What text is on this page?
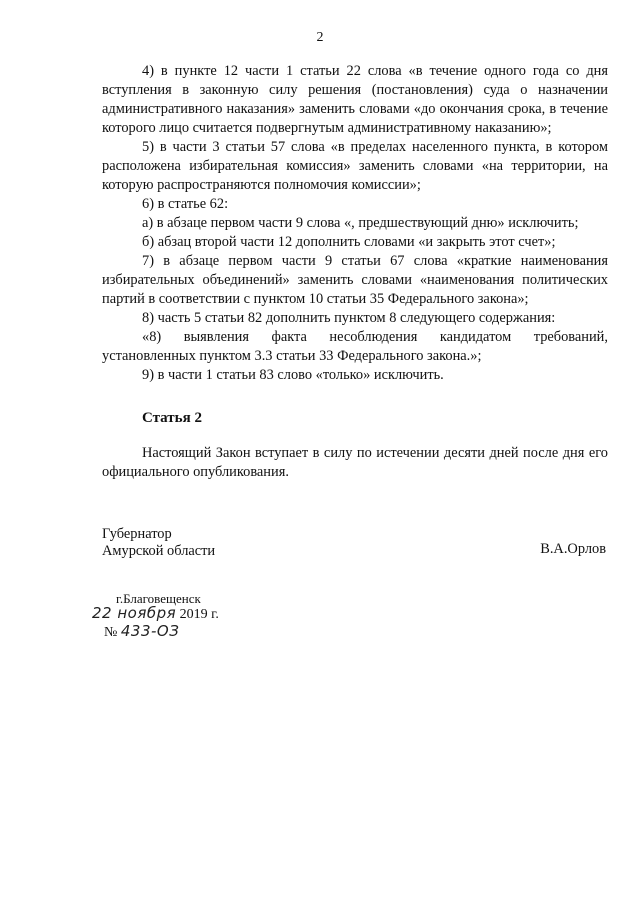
2

4) в пункте 12 части 1 статьи 22 слова «в течение одного года со дня вступления в законную силу решения (постановления) суда о назначении административного наказания» заменить словами «до окончания срока, в течение которого лицо считается подвергнутым административному наказанию»;

5) в части 3 статьи 57 слова «в пределах населенного пункта, в котором расположена избирательная комиссия» заменить словами «на территории, на которую распространяются полномочия комиссии»;

6) в статье 62:

а) в абзаце первом части 9 слова «, предшествующий дню» исключить;

б) абзац второй части 12 дополнить словами «и закрыть этот счет»;

7) в абзаце первом части 9 статьи 67 слова «краткие наименования избирательных объединений» заменить словами «наименования политических партий в соответствии с пунктом 10 статьи 35 Федерального закона»;

8) часть 5 статьи 82 дополнить пунктом 8 следующего содержания:

«8) выявления факта несоблюдения кандидатом требований, установленных пунктом 3.3 статьи 33 Федерального закона.»;

9) в части 1 статьи 83 слово «только» исключить.

Статья 2

Настоящий Закон вступает в силу по истечении десяти дней после дня его официального опубликования.

Губернатор
Амурской области	В.А.Орлов
г.Благовещенск
22 ноября 2019 г.
№ 433-ОЗ
